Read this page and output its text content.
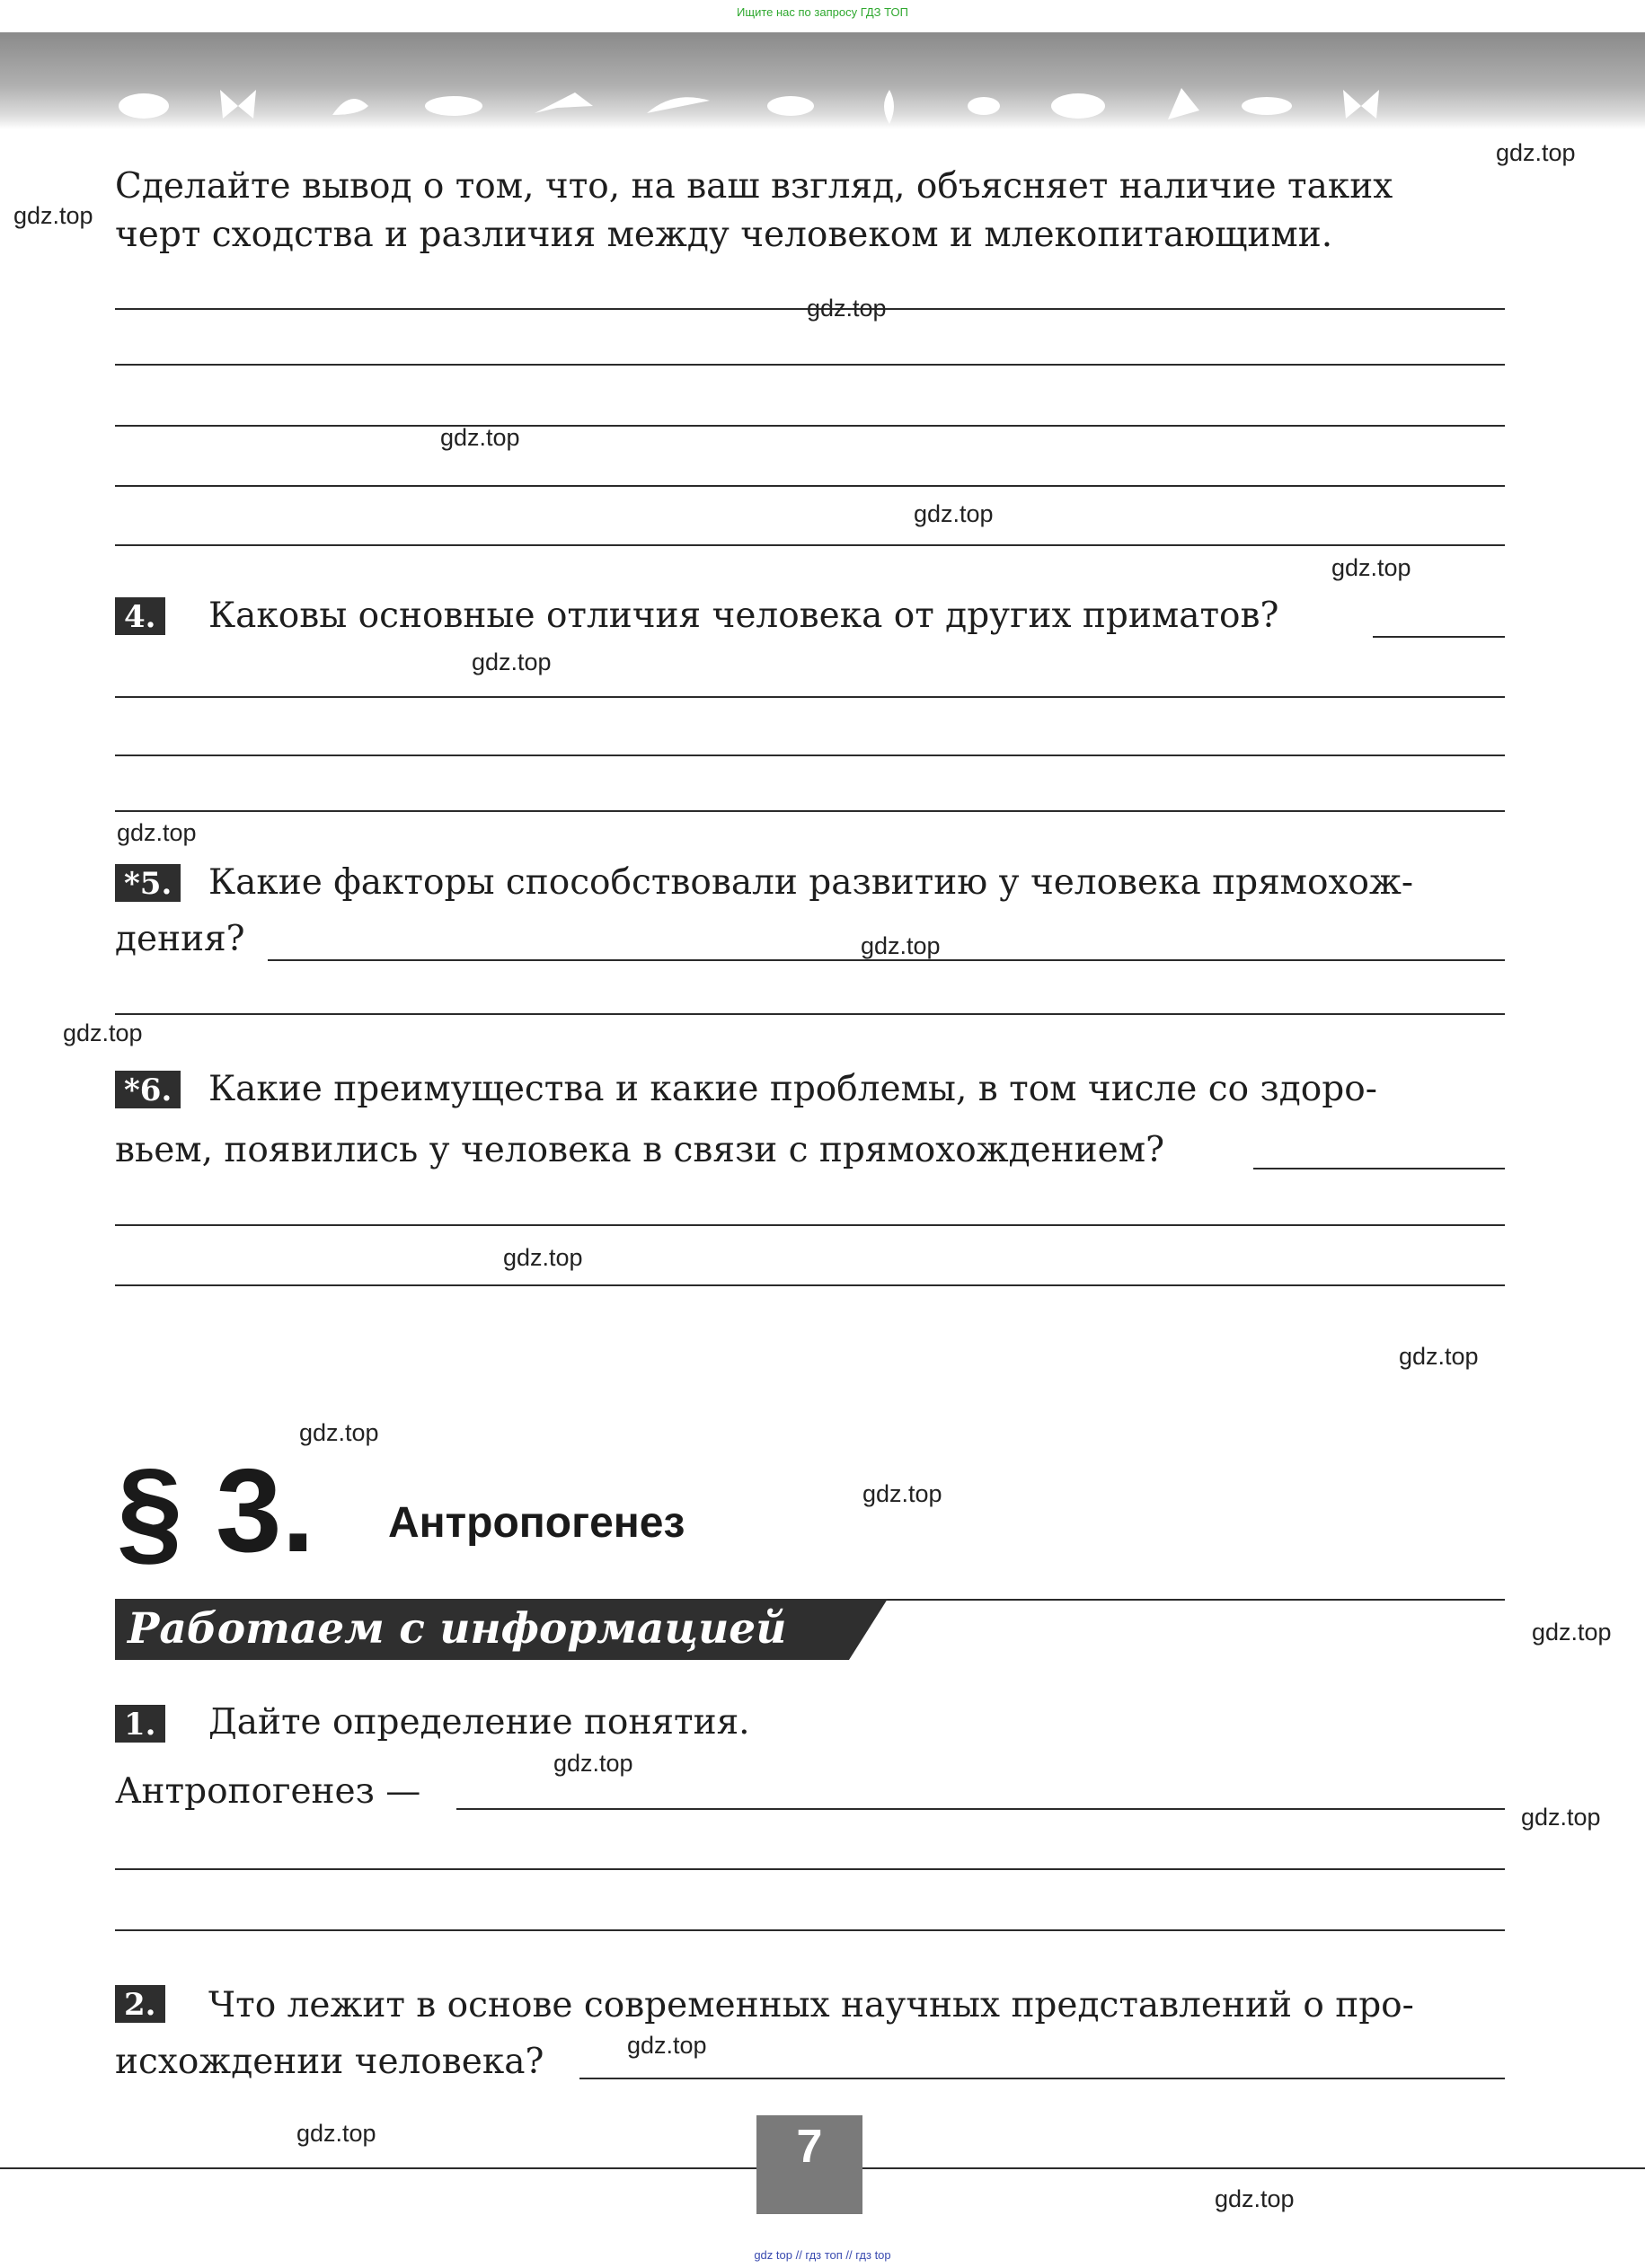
Ищите нас по запросу ГДЗ ТОП
Сделайте вывод о том, что, на ваш взгляд, объясняет наличие таких
черт сходства и различия между человеком и млекопитающими.
4. Каковы основные отличия человека от других приматов?
*5. Какие факторы способствовали развитию у человека прямохож-
дения?
*6. Какие преимущества и какие проблемы, в том числе со здоро-
вьем, появились у человека в связи с прямохождением?
§ 3. Антропогенез
Работаем с информацией
1. Дайте определение понятия.
Антропогенез —
2. Что лежит в основе современных научных представлений о про-
исхождении человека?
7
gdz top // гдз топ // гдз top
gdz.top
gdz.top
gdz.top
gdz.top
gdz.top
gdz.top
gdz.top
gdz.top
gdz.top
gdz.top
gdz.top
gdz.top
gdz.top
gdz.top
gdz.top
gdz.top
gdz.top
gdz.top
gdz.top
gdz.top
